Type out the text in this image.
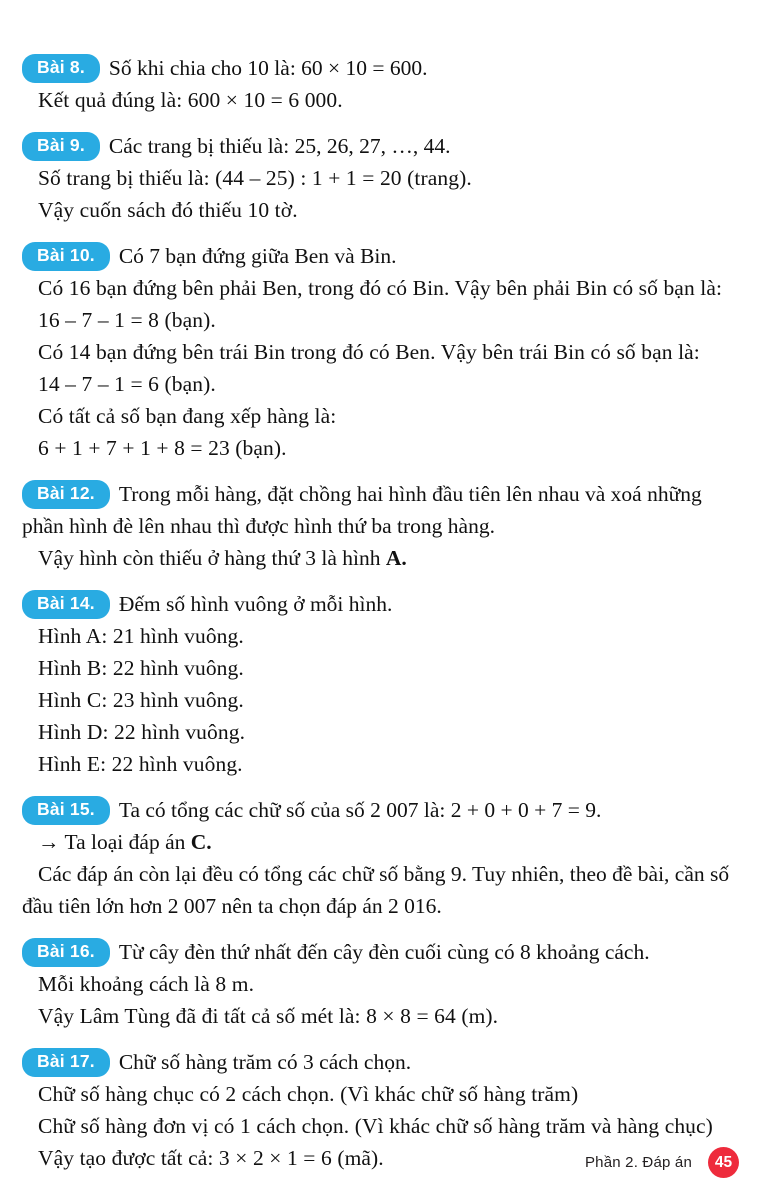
Bài 8. Số khi chia cho 10 là: 60 × 10 = 600.
Kết quả đúng là: 600 × 10 = 6 000.
Bài 9. Các trang bị thiếu là: 25, 26, 27, …, 44.
Số trang bị thiếu là: (44 – 25) : 1 + 1 = 20 (trang).
Vậy cuốn sách đó thiếu 10 tờ.
Bài 10. Có 7 bạn đứng giữa Ben và Bin.
Có 16 bạn đứng bên phải Ben, trong đó có Bin. Vậy bên phải Bin có số bạn là:
16 – 7 – 1 = 8 (bạn).
Có 14 bạn đứng bên trái Bin trong đó có Ben. Vậy bên trái Bin có số bạn là:
14 – 7 – 1 = 6 (bạn).
Có tất cả số bạn đang xếp hàng là:
6 + 1 + 7 + 1 + 8 = 23 (bạn).
Bài 12. Trong mỗi hàng, đặt chồng hai hình đầu tiên lên nhau và xoá những phần hình đè lên nhau thì được hình thứ ba trong hàng.
Vậy hình còn thiếu ở hàng thứ 3 là hình A.
Bài 14. Đếm số hình vuông ở mỗi hình.
Hình A: 21 hình vuông.
Hình B: 22 hình vuông.
Hình C: 23 hình vuông.
Hình D: 22 hình vuông.
Hình E: 22 hình vuông.
Bài 15. Ta có tổng các chữ số của số 2 007 là: 2 + 0 + 0 + 7 = 9.
→ Ta loại đáp án C.
Các đáp án còn lại đều có tổng các chữ số bằng 9. Tuy nhiên, theo đề bài, cần số đầu tiên lớn hơn 2 007 nên ta chọn đáp án 2 016.
Bài 16. Từ cây đèn thứ nhất đến cây đèn cuối cùng có 8 khoảng cách.
Mỗi khoảng cách là 8 m.
Vậy Lâm Tùng đã đi tất cả số mét là: 8 × 8 = 64 (m).
Bài 17. Chữ số hàng trăm có 3 cách chọn.
Chữ số hàng chục có 2 cách chọn. (Vì khác chữ số hàng trăm)
Chữ số hàng đơn vị có 1 cách chọn. (Vì khác chữ số hàng trăm và hàng chục)
Vậy tạo được tất cả: 3 × 2 × 1 = 6 (mã).	Phần 2. Đáp án	45
